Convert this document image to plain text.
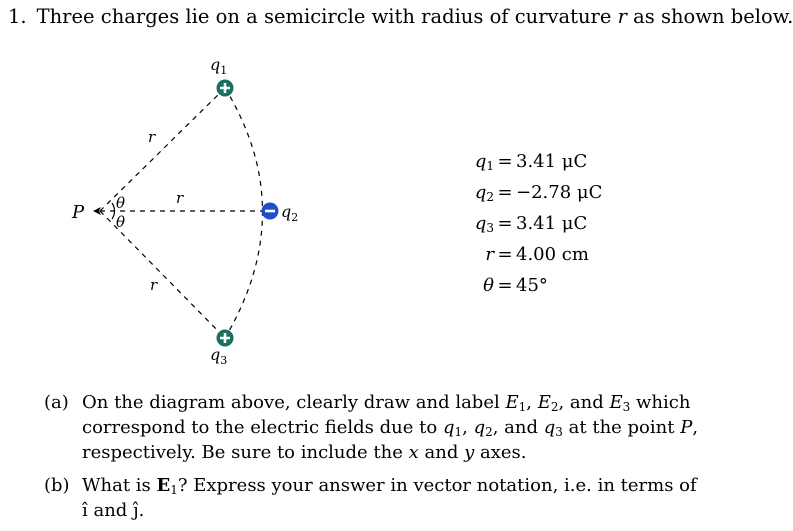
1. Three charges lie on a semicircle with radius of curvature r as shown below.
P θ
θ
r
r
r
$q_1$
$q_2$
$q_3$
$q_1 = 3.41$ μC
$q_2 = -2.78$ μC
$q_3 = 3.41$ μC
r = 4.00 cm
θ = 45°
(a) On the diagram above, clearly draw and label $E_1$, $E_2$, and $E_3$ which correspond to the electric fields due to $q_1$, $q_2$, and $q_3$ at the point P, respectively. Be sure to include the x and y axes.
(b) What is $E_1$? Express your answer in vector notation, i.e. in terms of î and ĵ.
